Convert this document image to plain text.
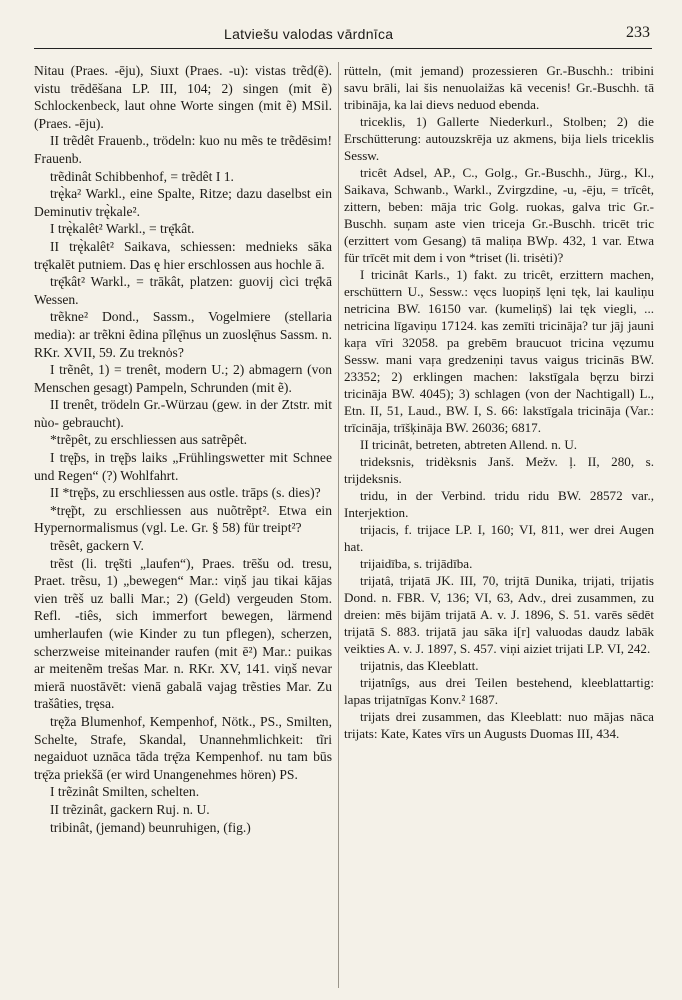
Latviešu valodas vārdnīca	233

Nitau (Praes. -ēju), Siuxt (Praes. -u): vistas trẽd(ẽ). vistu trēdēšana LP. III, 104; 2) singen (mit ẽ) Schlockenbeck, laut ohne Worte singen (mit ẽ) MSil. (Praes. -ēju).

II trẽdêt Frauenb., trödeln: kuo nu mẽs te trẽdēsim! Frauenb.

trẽdinât Schibbenhof, = trẽdêt I 1.

trę̀ka² Warkl., eine Spalte, Ritze; dazu daselbst ein Deminutiv trę̀kale².

I trę̀kalêt² Warkl., = trę̄kât.

II trę̀kalêt² Saikava, schiessen: mednieks sāka trę̄kalēt putniem. Das ę hier erschlossen aus hochle ā.

trę̄kât² Warkl., = trākât, platzen: guovij cìci trę̄kā Wessen.

trẽkne² Dond., Sassm., Vogelmiere (stellaria media): ar trẽkni ẽdina pĩlę̄nus un zuoslę̄nus Sassm. n. RKr. XVII, 59. Zu treknȯs?

I trẽnêt, 1) = trenêt, modern U.; 2) abmagern (von Menschen gesagt) Pampeln, Schrunden (mit ẽ).

II trenêt, trödeln Gr.-Würzau (gew. in der Ztstr. mit nùo- gebraucht).

*trẽpêt, zu erschliessen aus satrẽpêt.

I trę̃ps, in trę̃ps laiks „Frühlingswetter mit Schnee und Regen“ (?) Wohlfahrt.

II *trę̃ps, zu erschliessen aus ostle. trāps (s. dies)?

*trę̃pt, zu erschliessen aus nuõtrẽpt². Etwa ein Hypernormalismus (vgl. Le. Gr. § 58) für treipt²?

trẽsêt, gackern V.

trẽst (li. trę̃sti „laufen“), Praes. trēšu od. tresu, Praet. trẽsu, 1) „bewegen“ Mar.: viņš jau tikai kājas vien trẽš uz balli Mar.; 2) (Geld) vergeuden Stom. Refl. -tiês, sich immerfort bewegen, lärmend umherlaufen (wie Kinder zu tun pflegen), scherzen, scherzweise miteinander raufen (mit ē²) Mar.: puikas ar meitenẽm trešas Mar. n. RKr. XV, 141. viņš nevar mierā nuostāvēt: vienā gabalā vajag trẽsties Mar. Zu trašâties, tręsa.

trę̃za Blumenhof, Kempenhof, Nötk., PS., Smilten, Schelte, Strafe, Skandal, Unannehmlichkeit: tĩri negaiduot uznāca tāda trę̄za Kempenhof. nu tam būs trę̄za priekšā (er wird Unangenehmes hören) PS.

I trẽzinât Smilten, schelten.

II trẽzinât, gackern Ruj. n. U.

tribinât, (jemand) beunruhigen, (fig.)

rütteln, (mit jemand) prozessieren Gr.-Buschh.: tribini savu brāli, lai šis nenuolaižas kā vecenis! Gr.-Buschh. tā tribināja, ka lai dievs neduod ebenda.

triceklis, 1) Gallerte Niederkurl., Stolben; 2) die Erschütterung: autouzskrēja uz akmens, bija liels triceklis Sessw.

tricêt Adsel, AP., C., Golg., Gr.-Buschh., Jürg., Kl., Saikava, Schwanb., Warkl., Zvirgzdine, -u, -ēju, = trīcêt, zittern, beben: māja tric Golg. ruokas, galva tric Gr.-Buschh. suņam aste vien triceja Gr.-Buschh. tricēt tric (erzittert vom Gesang) tā maliņa BWp. 432, 1 var. Etwa für trīcēt mit dem i von *triset (li. trisėti)?

I tricinât Karls., 1) fakt. zu tricêt, erzittern machen, erschüttern U., Sessw.: vęcs luopiņš lęni tęk, lai kauliņu netricina BW. 16150 var. (kumeliņš) lai tęk viegli, ... netricina līgaviņu 17124. kas zemīti tricināja? tur jāj jauni kaŗa vīri 32058. pa grebēm braucuot tricina vęzumu Sessw. mani vaŗa gredzeniņi tavus vaigus tricinās BW. 23352; 2) erklingen machen: lakstīgala bęrzu birzi tricināja BW. 4045); 3) schlagen (von der Nachtigall) L., Etn. II, 51, Laud., BW. I, S. 66: lakstīgala tricināja (Var.: trīcināja, trīšķināja BW. 26036; 6817.

II tricinât, betreten, abtreten Allend. n. U.

trideksnis, tridèksnis Janš. Mežv. ļ. II, 280, s. trijdeksnis.

tridu, in der Verbind. tridu ridu BW. 28572 var., Interjektion.

trijacis, f. trijace LP. I, 160; VI, 811, wer drei Augen hat.

trijaidība, s. trijādība.

trijatâ, trijatā JK. III, 70, trijtā Dunika, trijati, trijatis Dond. n. FBR. V, 136; VI, 63, Adv., drei zusammen, zu dreien: mēs bijām trijatā A. v. J. 1896, S. 51. varēs sēdēt trijatā S. 883. trijatā jau sāka i[r] valuodas daudz labāk veikties A. v. J. 1897, S. 457. viņi aiziet trijati LP. VI, 242.

trijatnis, das Kleeblatt.

trijatnîgs, aus drei Teilen bestehend, kleeblattartig: lapas trijatnīgas Konv.² 1687.

trijats drei zusammen, das Kleeblatt: nuo mājas nāca trijats: Kate, Kates vīrs un Augusts Duomas III, 434.
